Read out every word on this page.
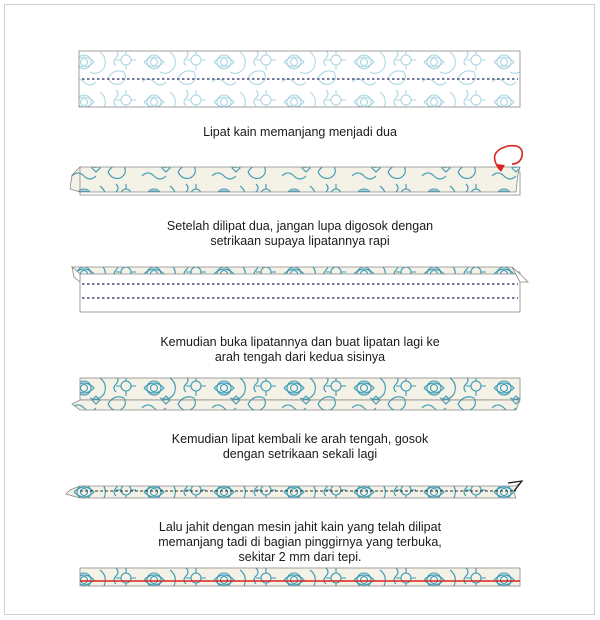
Lipat kain memanjang menjadi dua
Setelah dilipat dua, jangan lupa digosok dengan
setrikaan supaya lipatannya rapi
Kemudian buka lipatannya dan buat lipatan lagi ke
arah tengah dari kedua sisinya
Kemudian lipat kembali ke arah tengah, gosok
dengan setrikaan sekali lagi
Lalu jahit dengan mesin jahit kain yang telah dilipat
memanjang tadi di bagian pinggirnya yang terbuka,
sekitar 2 mm dari tepi.
